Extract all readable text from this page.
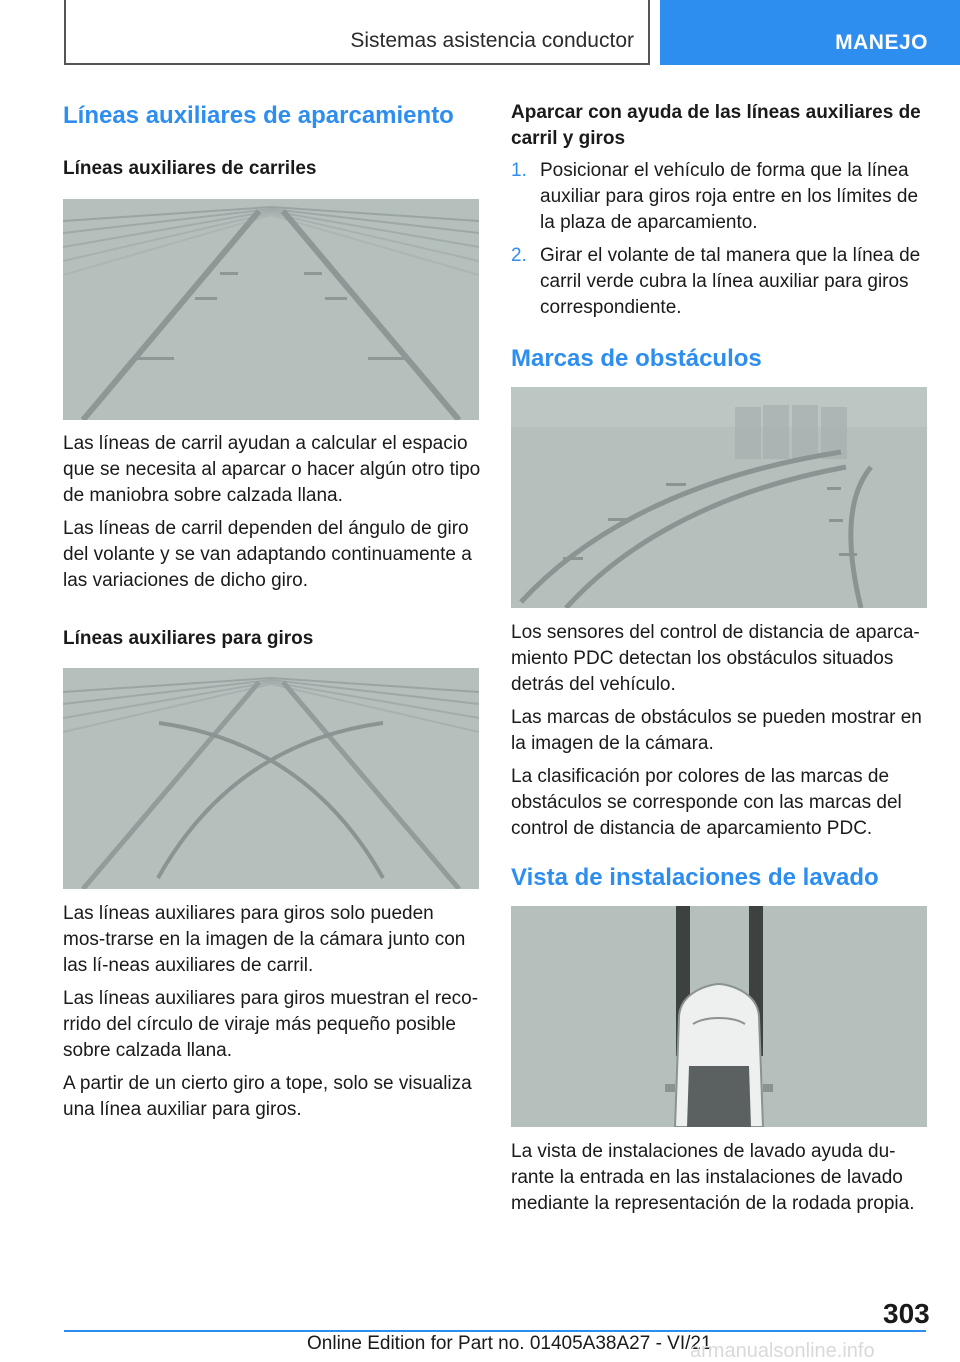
Sistemas asistencia conductor	MANEJO
Líneas auxiliares de aparcamiento
Líneas auxiliares de carriles

Las líneas de carril ayudan a calcular el espacio que se necesita al aparcar o hacer algún otro tipo de maniobra sobre calzada llana.

Las líneas de carril dependen del ángulo de giro del volante y se van adaptando continuamente a las variaciones de dicho giro.

Líneas auxiliares para giros

Las líneas auxiliares para giros solo pueden mos‐trarse en la imagen de la cámara junto con las lí‐neas auxiliares de carril.

Las líneas auxiliares para giros muestran el reco‐rrido del círculo de viraje más pequeño posible sobre calzada llana.

A partir de un cierto giro a tope, solo se visualiza una línea auxiliar para giros.

Aparcar con ayuda de las líneas auxiliares de carril y giros
1. Posicionar el vehículo de forma que la línea auxiliar para giros roja entre en los límites de la plaza de aparcamiento.
2. Girar el volante de tal manera que la línea de carril verde cubra la línea auxiliar para giros correspondiente.
Marcas de obstáculos

Los sensores del control de distancia de aparca‐miento PDC detectan los obstáculos situados detrás del vehículo.

Las marcas de obstáculos se pueden mostrar en la imagen de la cámara.

La clasificación por colores de las marcas de obstáculos se corresponde con las marcas del control de distancia de aparcamiento PDC.

Vista de instalaciones de lavado

La vista de instalaciones de lavado ayuda du‐rante la entrada en las instalaciones de lavado mediante la representación de la rodada propia.

303
Online Edition for Part no. 01405A38A27 - VI/21
armanualsonline.info
